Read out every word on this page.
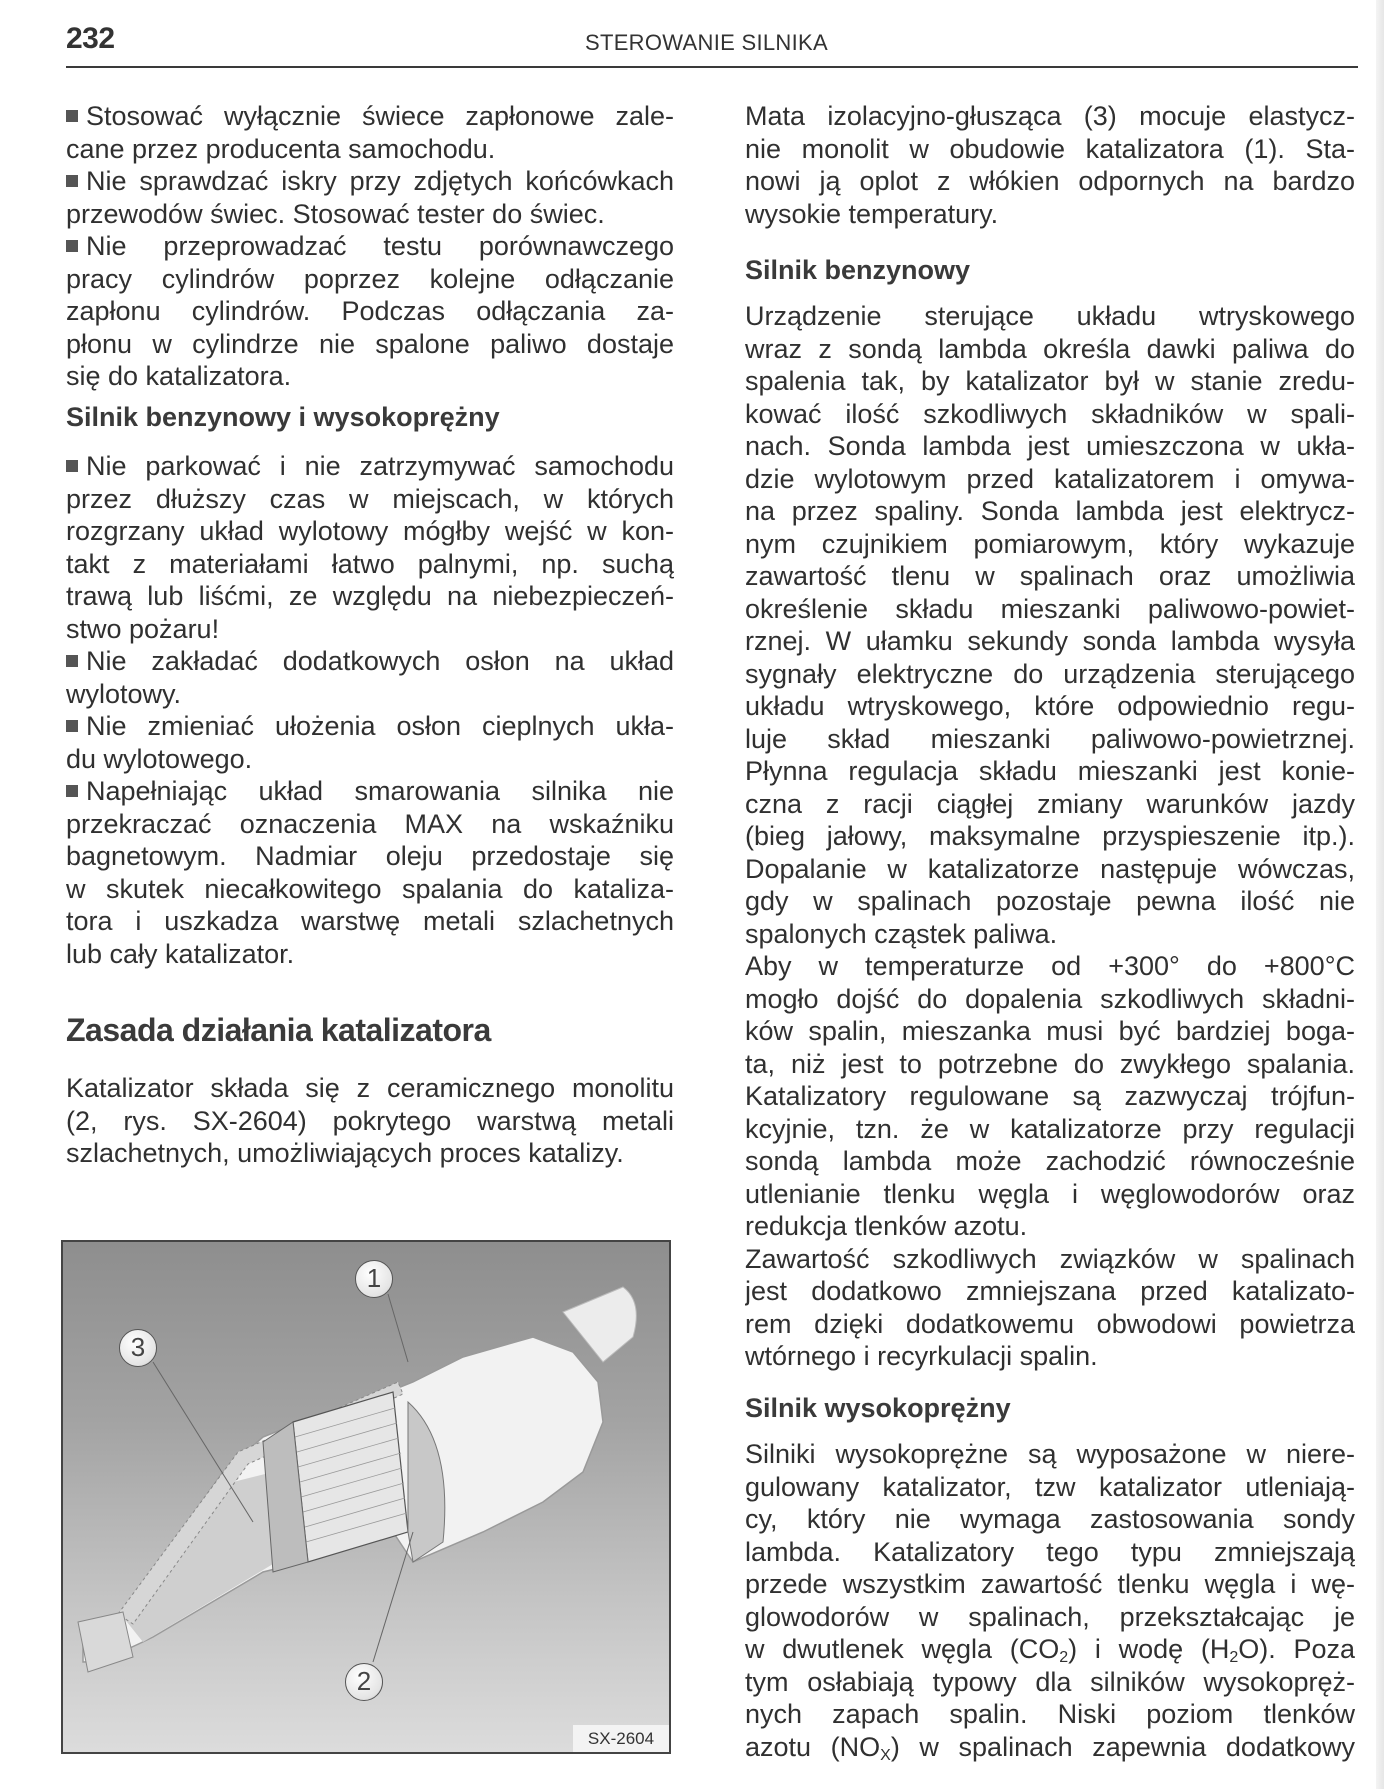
232	STEROWANIE SILNIKA
Silnik benzynowy i wysokoprężny
Zasada działania katalizatora
Stosować wyłącznie świece zapłonowe zale-
cane przez producenta samochodu.
Nie sprawdzać iskry przy zdjętych końcówkach
przewodów świec. Stosować tester do świec.
Nie przeprowadzać testu porównawczego
pracy cylindrów poprzez kolejne odłączanie
zapłonu cylindrów. Podczas odłączania za-
płonu w cylindrze nie spalone paliwo dostaje
się do katalizatora.
Nie parkować i nie zatrzymywać samochodu
przez dłuższy czas w miejscach, w których
rozgrzany układ wylotowy mógłby wejść w kon-
takt z materiałami łatwo palnymi, np. suchą
trawą lub liśćmi, ze względu na niebezpieczeń-
stwo pożaru!
Nie zakładać dodatkowych osłon na układ
wylotowy.
Nie zmieniać ułożenia osłon cieplnych ukła-
du wylotowego.
Napełniając układ smarowania silnika nie
przekraczać oznaczenia MAX na wskaźniku
bagnetowym. Nadmiar oleju przedostaje się
w skutek niecałkowitego spalania do kataliza-
tora i uszkadza warstwę metali szlachetnych
lub cały katalizator.
Katalizator składa się z ceramicznego monolitu
(2, rys. SX-2604) pokrytego warstwą metali
szlachetnych, umożliwiających proces katalizy.
1
3
2
SX-2604
Silnik benzynowy
Silnik wysokoprężny
Mata izolacyjno-głusząca (3) mocuje elastycz-
nie monolit w obudowie katalizatora (1). Sta-
nowi ją oplot z włókien odpornych na bardzo
wysokie temperatury.
Urządzenie sterujące układu wtryskowego
wraz z sondą lambda określa dawki paliwa do
spalenia tak, by katalizator był w stanie zredu-
kować ilość szkodliwych składników w spali-
nach. Sonda lambda jest umieszczona w ukła-
dzie wylotowym przed katalizatorem i omywa-
na przez spaliny. Sonda lambda jest elektrycz-
nym czujnikiem pomiarowym, który wykazuje
zawartość tlenu w spalinach oraz umożliwia
określenie składu mieszanki paliwowo-powiet-
rznej. W ułamku sekundy sonda lambda wysyła
sygnały elektryczne do urządzenia sterującego
układu wtryskowego, które odpowiednio regu-
luje skład mieszanki paliwowo-powietrznej.
Płynna regulacja składu mieszanki jest konie-
czna z racji ciągłej zmiany warunków jazdy
(bieg jałowy, maksymalne przyspieszenie itp.).
Dopalanie w katalizatorze następuje wówczas,
gdy w spalinach pozostaje pewna ilość nie
spalonych cząstek paliwa.
Aby w temperaturze od +300° do +800°C
mogło dojść do dopalenia szkodliwych składni-
ków spalin, mieszanka musi być bardziej boga-
ta, niż jest to potrzebne do zwykłego spalania.
Katalizatory regulowane są zazwyczaj trójfun-
kcyjnie, tzn. że w katalizatorze przy regulacji
sondą lambda może zachodzić równocześnie
utlenianie tlenku węgla i węglowodorów oraz
redukcja tlenków azotu.
Zawartość szkodliwych związków w spalinach
jest dodatkowo zmniejszana przed katalizato-
rem dzięki dodatkowemu obwodowi powietrza
wtórnego i recyrkulacji spalin.
Silniki wysokoprężne są wyposażone w niere-
gulowany katalizator, tzw katalizator utleniają-
cy, który nie wymaga zastosowania sondy
lambda. Katalizatory tego typu zmniejszają
przede wszystkim zawartość tlenku węgla i wę-
glowodorów w spalinach, przekształcając je
w dwutlenek węgla $(CO_2)$ i wodę $(H_2O)$. Poza
tym osłabiają typowy dla silników wysokopręż-
nych zapach spalin. Niski poziom tlenków
azotu $(NO_X)$ w spalinach zapewnia dodatkowy
